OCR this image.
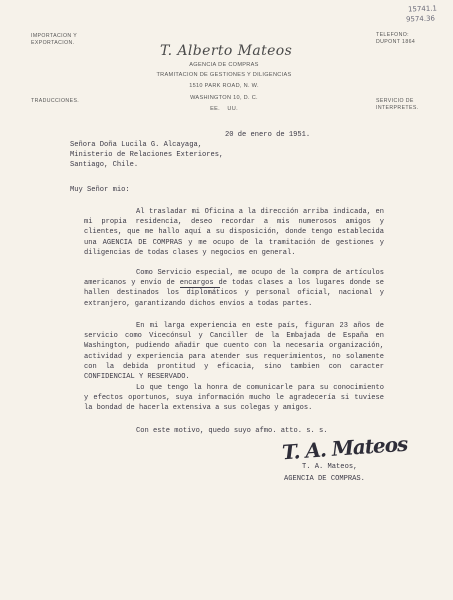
15741.1
9574.36
IMPORTACION Y
EXPORTACION.
TELEFONO:
DUPONT 1864
T. Alberto Mateos
AGENCIA DE COMPRAS
TRAMITACION DE GESTIONES Y DILIGENCIAS
1510 PARK ROAD, N. W.
WASHINGTON 10, D. C.
EE.    UU.
TRADUCCIONES.	SERVICIO DE
INTERPRETES.
20 de enero de 1951.
Señora Doña Lucila G. Alcayaga,
Ministerio de Relaciones Exteriores,
Santiago, Chile.
Muy Señor mio:
Al trasladar mi Oficina a la dirección arriba indicada, en mi propia residencia, deseo recordar a mis numerosos amigos y clientes, que me hallo aquí a su disposición, donde tengo establecida una AGENCIA DE COMPRAS y me ocupo de la tramitación de gestiones y diligencias de todas clases y negocios en general.
Como Servicio especial, me ocupo de la compra de artículos americanos y envío de encargos de todas clases a los lugares donde se hallen destinados los diplomáticos y personal oficial, nacional y extranjero, garantizando dichos envíos a todas partes.
En mi larga experiencia en este país, figuran 23 años de servicio como Vicecónsul y Canciller de la Embajada de España en Washington, pudiendo añadir que cuento con la necesaria organización, actividad y experiencia para atender sus requerimientos, no solamente con la debida prontitud y eficacia, sino tambien con caracter CONFIDENCIAL Y RESERVADO.
Lo que tengo la honra de comunicarle para su conocimiento y efectos oportunos, suya información mucho le agradecería si tuviese la bondad de hacerla extensiva a sus colegas y amigos.
Con este motivo, quedo suyo afmo. atto. s. s.
T. A. Mateos
T. A. Mateos,
AGENCIA DE COMPRAS.
